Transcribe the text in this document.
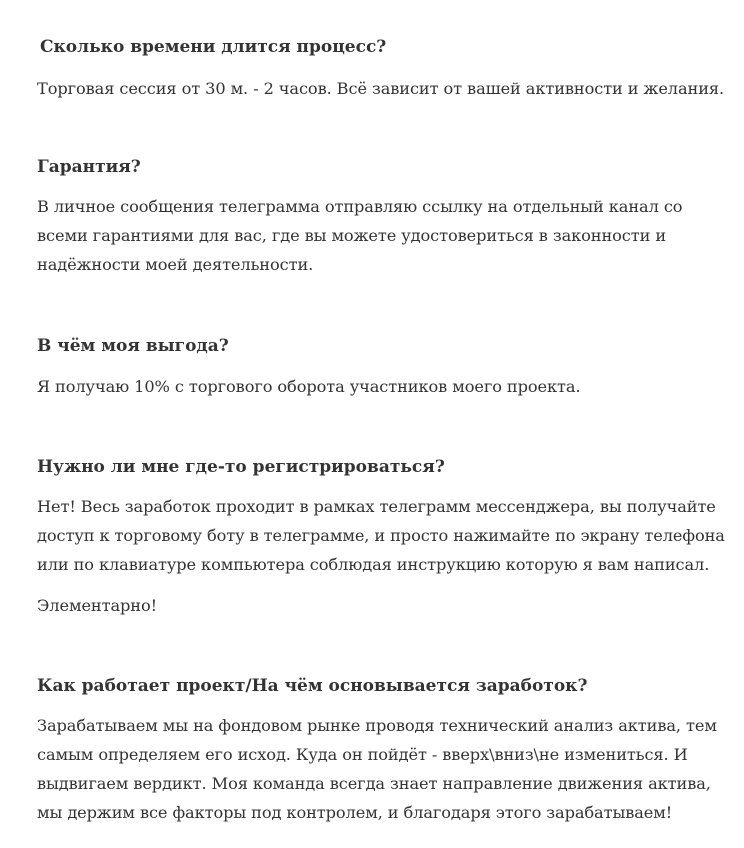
Сколько времени длится процесс?

Торговая сессия от 30 м. - 2 часов. Всё зависит от вашей активности и желания.

Гарантия?

В личное сообщения телеграмма отправляю ссылку на отдельный канал со всеми гарантиями для вас, где вы можете удостовериться в законности и надёжности моей деятельности.

В чём моя выгода?

Я получаю 10% с торгового оборота участников моего проекта.

Нужно ли мне где-то регистрироваться?

Нет! Весь заработок проходит в рамках телеграмм мессенджера, вы получайте доступ к торговому боту в телеграмме, и просто нажимайте по экрану телефона или по клавиатуре компьютера соблюдая инструкцию которую я вам написал.

Элементарно!

Как работает проект/На чём основывается заработок?

Зарабатываем мы на фондовом рынке проводя технический анализ актива, тем самым определяем его исход. Куда он пойдёт - вверх\вниз\не измениться. И выдвигаем вердикт. Моя команда всегда знает направление движения актива, мы держим все факторы под контролем, и благодаря этого зарабатываем!
